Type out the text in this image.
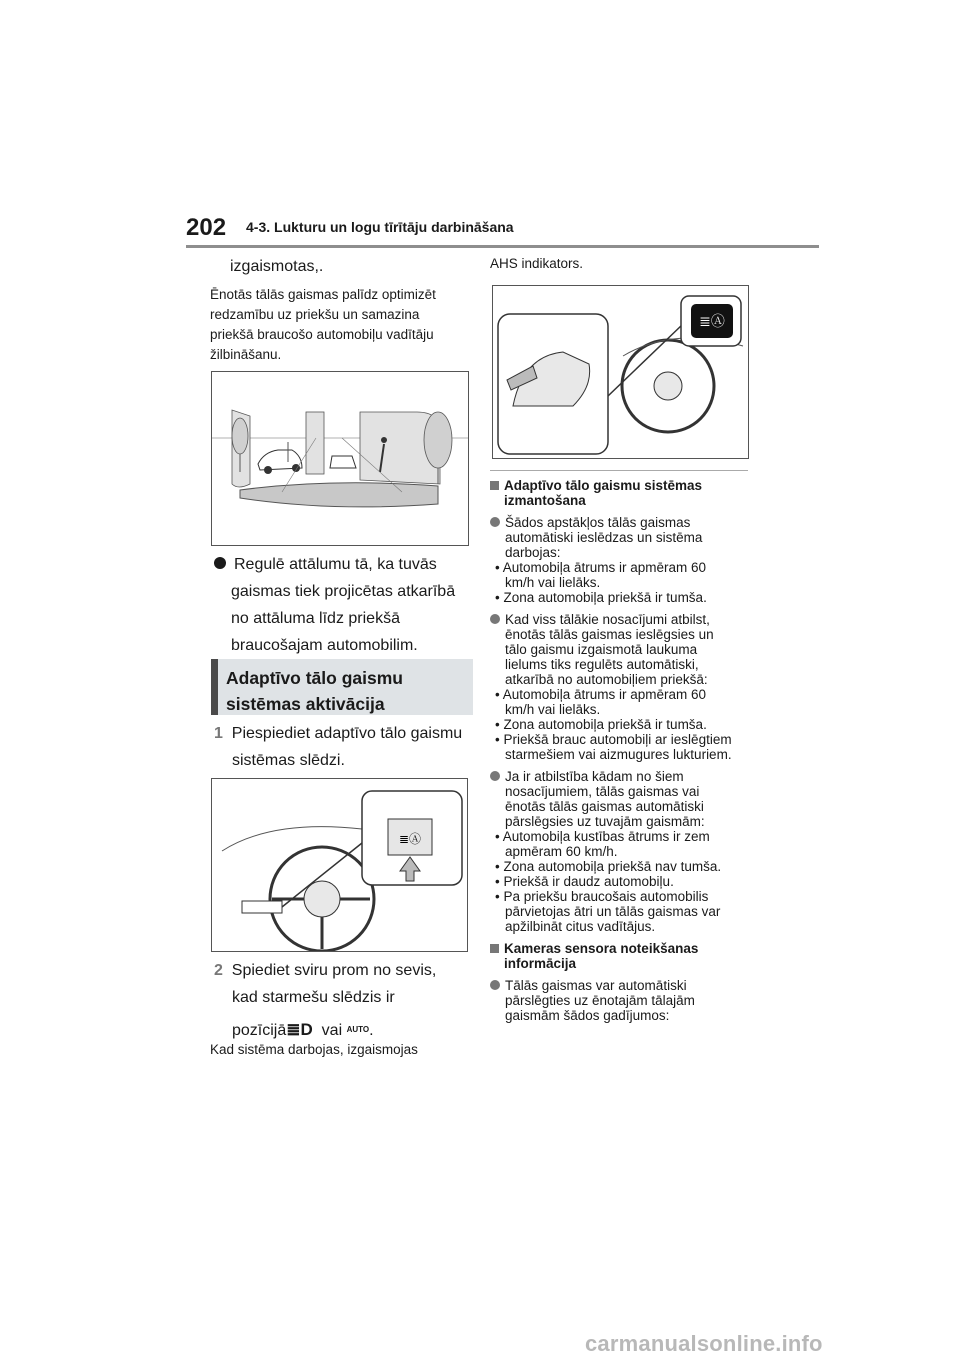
202 4-3. Lukturu un logu tīrītāju darbināšana
izgaismotas,.
Ēnotās tālās gaismas palīdz optimizēt
redzamību uz priekšu un samazina
priekšā braucošo automobiļu vadītāju
žilbināšanu.
Regulē attālumu tā, ka tuvās
gaismas tiek projicētas atkarībā
no attāluma līdz priekšā
braucošajam automobilim.
Adaptīvo tālo gaismu
sistēmas aktivācija
1 Piespiediet adaptīvo tālo gaismu
sistēmas slēdzi.
≣Ⓐ
2 Spiediet sviru prom no sevis,
kad starmešu slēdzis ir
pozīcijā≣D vai AUTO.
Kad sistēma darbojas, izgaismojas
AHS indikators.
≣Ⓐ
Adaptīvo tālo gaismu sistēmas
izmantošana
Šādos apstākļos tālās gaismas
automātiski ieslēdzas un sistēma
darbojas:
• Automobiļa ātrums ir apmēram 60
km/h vai lielāks.
• Zona automobiļa priekšā ir tumša.
Kad viss tālākie nosacījumi atbilst,
ēnotās tālās gaismas ieslēgsies un
tālo gaismu izgaismotā laukuma
lielums tiks regulēts automātiski,
atkarībā no automobiļiem priekšā:
• Automobiļa ātrums ir apmēram 60
km/h vai lielāks.
• Zona automobiļa priekšā ir tumša.
• Priekšā brauc automobiļi ar ieslēgtiem
starmešiem vai aizmugures lukturiem.
Ja ir atbilstība kādam no šiem
nosacījumiem, tālās gaismas vai
ēnotās tālās gaismas automātiski
pārslēgsies uz tuvajām gaismām:
• Automobiļa kustības ātrums ir zem
apmēram 60 km/h.
• Zona automobiļa priekšā nav tumša.
• Priekšā ir daudz automobiļu.
• Pa priekšu braucošais automobilis
pārvietojas ātri un tālās gaismas var
apžilbināt citus vadītājus.
Kameras sensora noteikšanas
informācija
Tālās gaismas var automātiski
pārslēgties uz ēnotajām tālajām
gaismām šādos gadījumos:
carmanualsonline.info
